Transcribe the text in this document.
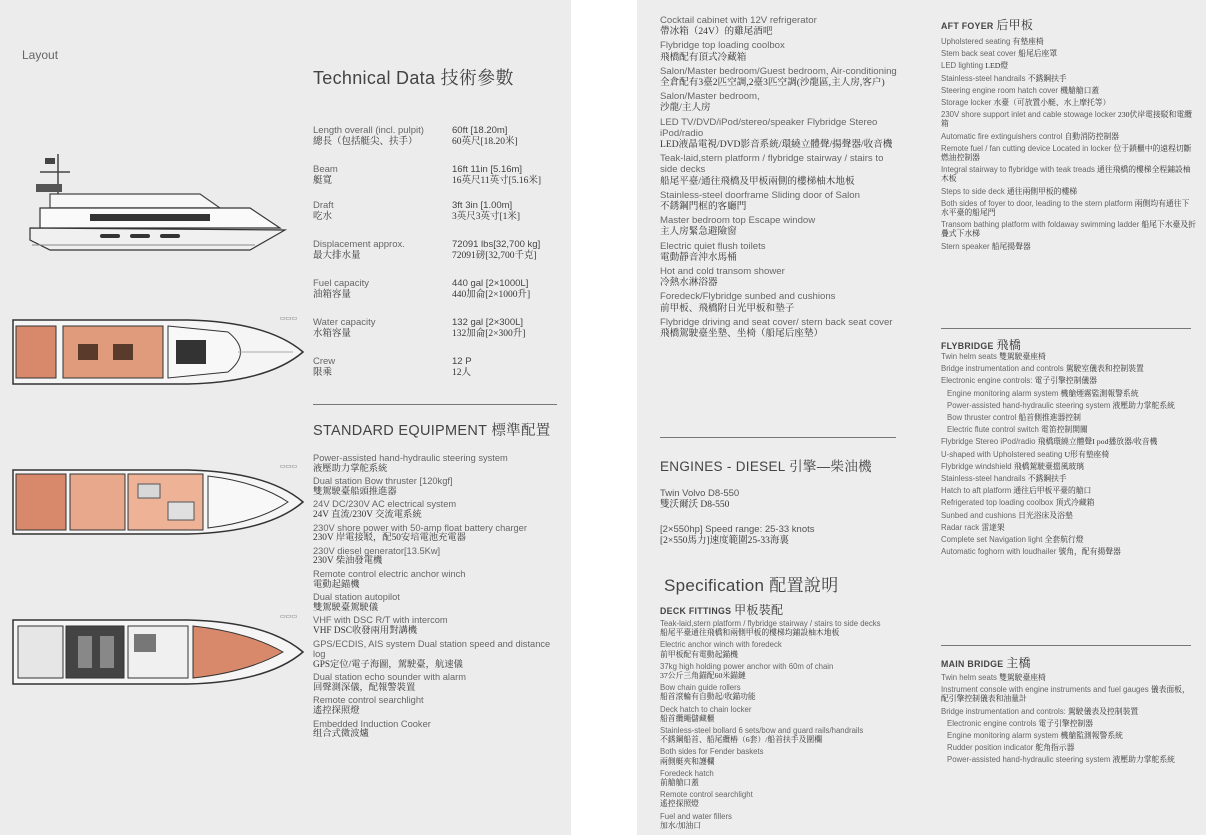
Layout
▭▭▭
▭▭▭
▭▭▭
Technical Data 技術參數
Length overall (incl. pulpit)
總長（包括艇尖、扶手）
60ft [18.20m]
60英尺[18.20米]
Beam
艇寬
16ft 11in [5.16m]
16英尺11英寸[5.16米]
Draft
吃水
3ft 3in [1.00m]
3英尺3英寸[1米]
Displacement approx.
最大排水量
72091 lbs[32,700 kg]
72091磅[32,700千克]
Fuel capacity
油箱容量
440 gal [2×1000L]
440加侖[2×1000升]
Water capacity
水箱容量
132 gal [2×300L]
132加侖[2×300升]
Crew
限乘
12 P
12人
STANDARD EQUIPMENT 標準配置
Power-assisted hand-hydraulic steering system
液壓助力掌舵系統
Dual station Bow thruster [120kgf]
雙駕駛臺船頭推進器
24V DC/230V AC electrical system
24V 直流/230V 交流電系統
230V shore power with 50-amp float battery charger
230V 岸電接駁，配50安培電池充電器
230V diesel generator[13.5Kw]
230V 柴油發電機
Remote control electric anchor winch
電動起錨機
Dual station autopilot
雙駕駛臺駕駛儀
VHF with DSC R/T with intercom
VHF DSC收發兩用對講機
GPS/ECDIS, AIS system Dual station speed and distance log
GPS定位/電子海圖，駕駛臺，航速儀
Dual station echo sounder with alarm
回聲測深儀，配報警裝置
Remote control searchlight
遙控探照燈
Embedded Induction Cooker
组合式微波爐
Cocktail cabinet with 12V refrigerator
帶冰箱（24V）的雞尾酒吧
Flybridge top loading coolbox
飛橋配有頂式冷藏箱
Salon/Master bedroom/Guest bedroom, Air-conditioning
全倉配有3臺2匹空調,2臺3匹空調(沙龍區,主人房,客户)
Salon/Master bedroom,
沙龍/主人房
LED TV/DVD/iPod/stereo/speaker Flybridge Stereo iPod/radio
LED液晶電視/DVD影音系統/環繞立體聲/揚聲器/收音機
Teak-laid,stern platform / flybridge stairway / stairs to side decks
船尾平臺/通往飛橋及甲板兩側的樓梯柚木地板
Stainless-steel doorframe Sliding door of Salon
不銹鋼門框的客廳門
Master bedroom top Escape window
主人房緊急避險窗
Electric quiet flush toilets
電動靜音沖水馬桶
Hot and cold transom shower
冷熱水淋浴器
Foredeck/Flybridge sunbed and cushions
前甲板、飛橋附日光甲板和墊子
Flybridge driving and seat cover/ stern back seat cover
飛橋駕駛臺坐墊、坐椅（船尾后座墊）
ENGINES - DIESEL 引擎—柴油機
Twin Volvo D8-550
雙沃爾沃 D8-550
[2×550hp] Speed range: 25-33 knots
[2×550馬力]速度範圍25-33海裏
Specification 配置說明
DECK FITTINGS 甲板裝配
Teak-laid,stern platform / flybridge stairway / stairs to side decks
船尾平臺通往飛橋和兩側甲板的樓梯均鋪設柚木地板
Electric anchor winch with foredeck
前甲板配有電動起錨機
37kg high holding power anchor with 60m of chain
37公斤三角錨配60米錨鏈
Bow chain guide rollers
船首滾輪有自動起/收錨功能
Deck hatch to chain locker
船首纜繩儲藏櫃
Stainless-steel bollard 6 sets/bow and guard rails/handrails
不銹鋼船首、船尾纜樁（6套）/船首扶手及圍欄
Both sides for Fender baskets
兩側艇夾和護欄
Foredeck hatch
前艙艙口蓋
Remote control searchlight
遙控探照燈
Fuel and water fillers
加水/加油口
AFT FOYER 后甲板
Upholstered seating 有墊座椅
Stem back seat cover 船尾后座罩
LED lighting LED燈
Stainless-steel handrails 不銹鋼扶手
Steering engine room hatch cover 機艙艙口蓋
Storage locker 水臺（可放置小艇、水上摩托等）
230V shore support inlet and cable stowage locker 230伏岸電接駁和電纜箱
Automatic fire extinguishers control 自動消防控制器
Remote fuel / fan cutting device Located in locker 位于鎖櫃中的遠程切斷燃油控制器
Integral stairway to flybridge with teak treads 通往飛橋的樓梯全程鋪設柚木板
Steps to side deck 通往兩側甲板的樓梯
Both sides of foyer to door, leading to the stern platform 兩側均有通往下水平臺的船尾門
Transom bathing platform with foldaway swimming ladder 船尾下水臺及折疊式下水梯
Stern speaker 船尾揚聲器
FLYBRIDGE 飛橋
Twin helm seats 雙駕駛臺座椅
Bridge instrumentation and controls 駕駛室儀表和控制裝置
Electronic engine controls: 電子引擎控制儀器
Engine monitoring alarm system 機艙煙霧監測報警系統
Power-assisted hand-hydraulic steering system 液壓助力掌舵系統
Bow thruster control 船首側推進器控制
Electric flute control switch 電笛控制開關
Flybridge Stereo iPod/radio 飛橋環繞立體聲I pod播放器/收音機
U-shaped with Upholstered seating U形有墊座椅
Flybridge windshield 飛橋駕駛臺擋風玻璃
Stainless-steel handrails 不銹鋼扶手
Hatch to aft platform 通往后甲板平臺的艙口
Refrigerated top loading coolbox 頂式冷藏箱
Sunbed and cushions 日光浴床及浴墊
Radar rack 雷達架
Complete set Navigation light 全套航行燈
Automatic foghorn with loudhailer 號角，配有揚聲器
MAIN BRIDGE 主橋
Twin helm seats 雙駕駛臺座椅
Instrument console with engine instruments and fuel gauges 儀表面板，配引擎控制儀表和油量計
Bridge instrumentation and controls: 駕駛儀表及控制裝置
Electronic engine controls 電子引擎控制器
Engine monitoring alarm system 機艙監測報警系統
Rudder position indicator 舵角指示器
Power-assisted hand-hydraulic steering system 液壓助力掌舵系統
